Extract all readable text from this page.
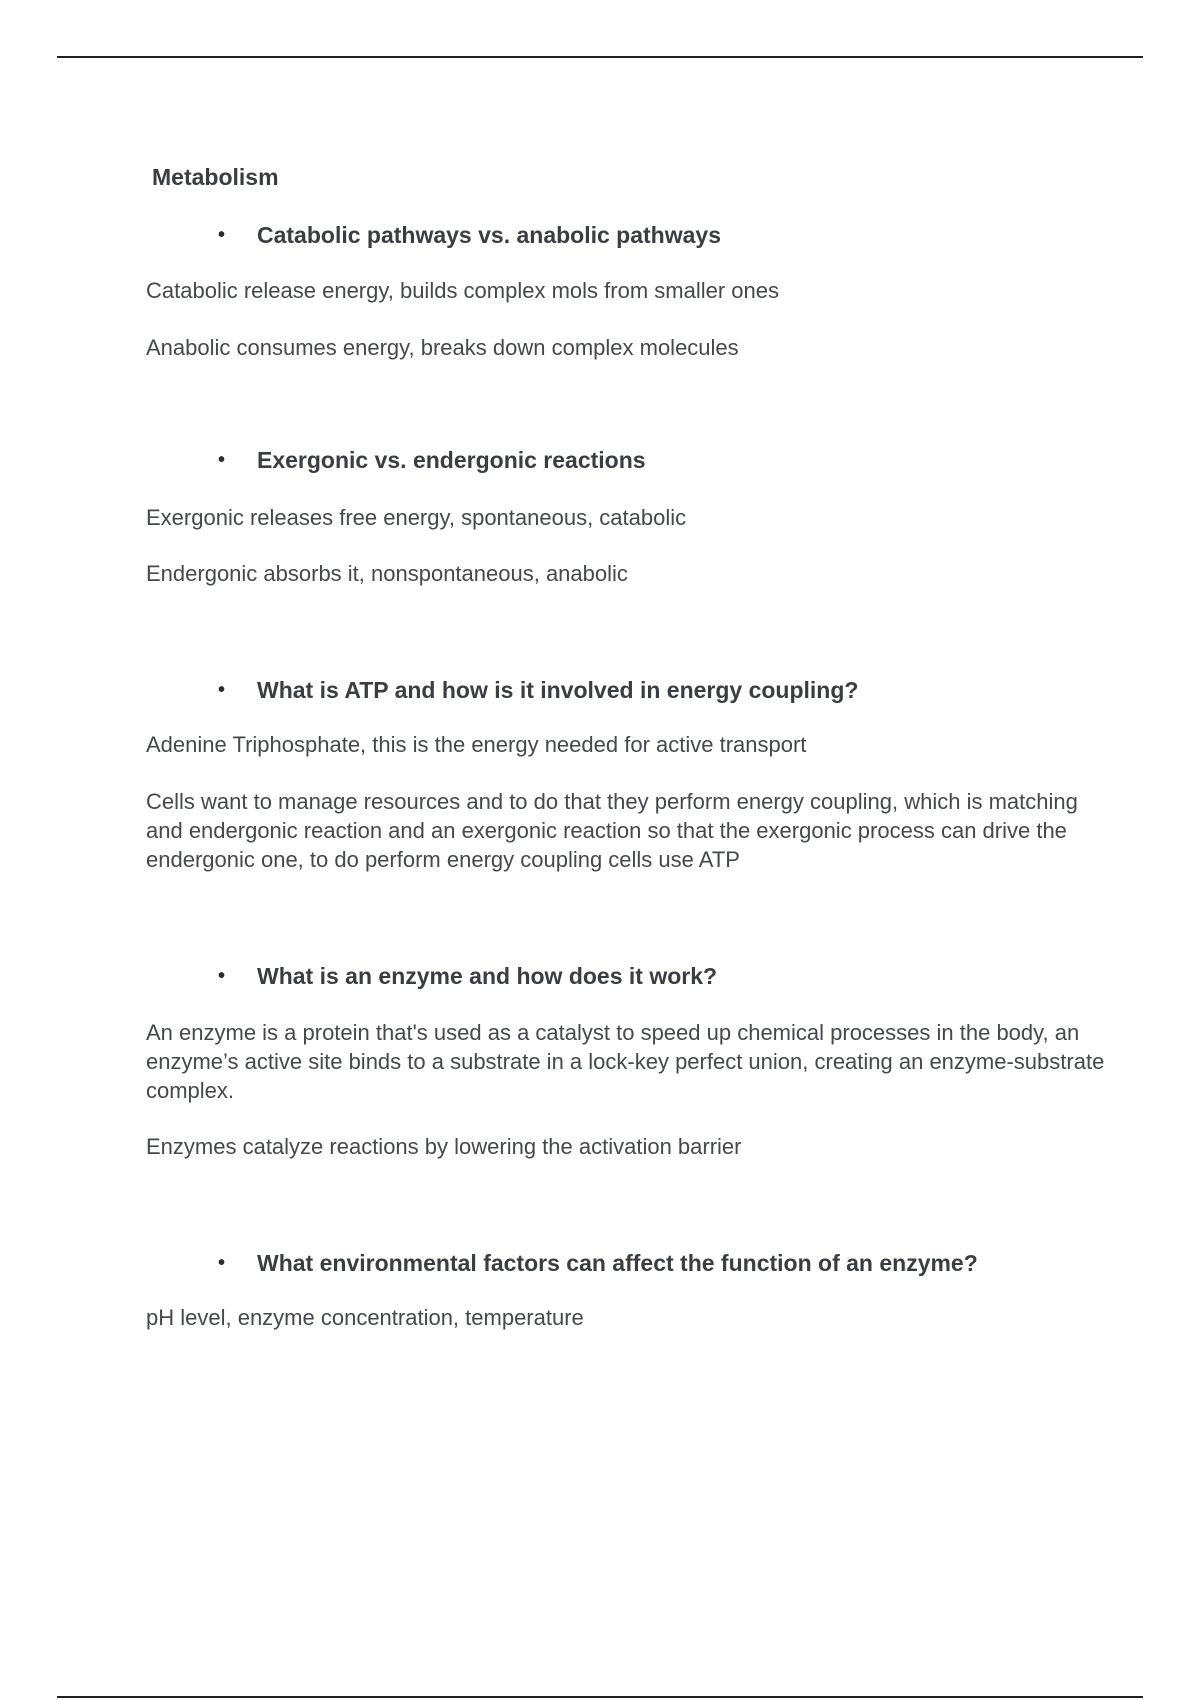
Metabolism
• Catabolic pathways vs. anabolic pathways

Catabolic release energy, builds complex mols from smaller ones

Anabolic consumes energy, breaks down complex molecules

• Exergonic vs. endergonic reactions

Exergonic releases free energy, spontaneous, catabolic

Endergonic absorbs it, nonspontaneous, anabolic

• What is ATP and how is it involved in energy coupling?

Adenine Triphosphate, this is the energy needed for active transport

Cells want to manage resources and to do that they perform energy coupling, which is matching and endergonic reaction and an exergonic reaction so that the exergonic process can drive the endergonic one, to do perform energy coupling cells use ATP

• What is an enzyme and how does it work?

An enzyme is a protein that's used as a catalyst to speed up chemical processes in the body, an enzyme’s active site binds to a substrate in a lock-key perfect union, creating an enzyme-substrate complex.

Enzymes catalyze reactions by lowering the activation barrier

• What environmental factors can affect the function of an enzyme?

pH level, enzyme concentration, temperature
